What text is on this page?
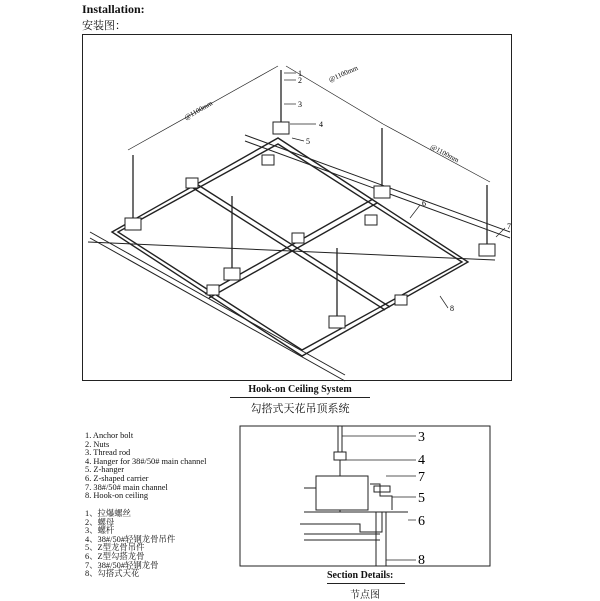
Installation:
安装图：
@1100mm
@1100mm
@1100mm
1
2
3
4
5
6
7
8
3
4
7
5
6
8
Hook-on Ceiling System
勾搭式天花吊顶系统
1. Anchor bolt
2. Nuts
3. Thread rod
4. Hanger for 38#/50# main channel
5. Z-hanger
6. Z-shaped carrier
7. 38#/50# main channel
8. Hook-on ceiling
1、拉爆螺丝
2、螺母
3、螺杆
4、38#/50#轻钢龙骨吊件
5、Z型龙骨吊件
6、Z型勾搭龙骨
7、38#/50#轻钢龙骨
8、勾搭式天花	Section Details:
节点图
